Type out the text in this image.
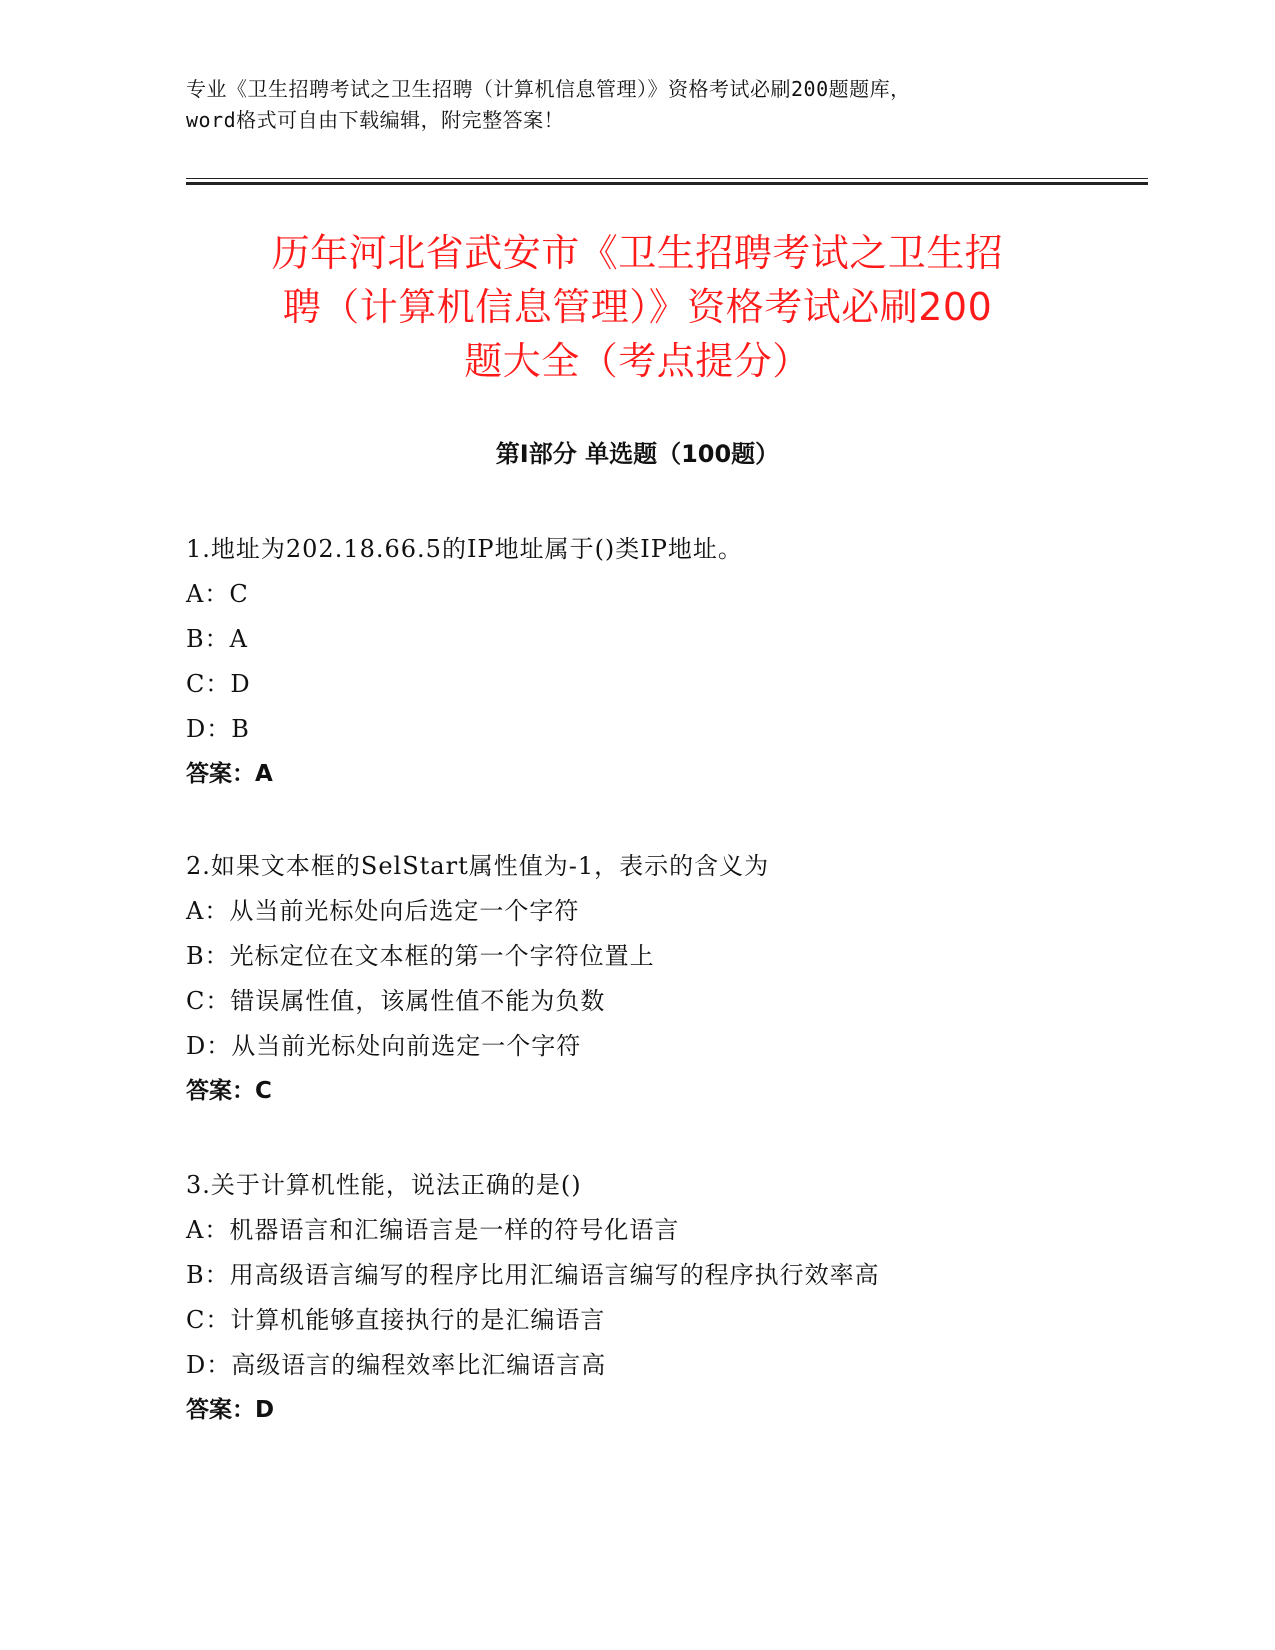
专业《卫生招聘考试之卫生招聘（计算机信息管理）》资格考试必刷200题题库，
word格式可自由下载编辑，附完整答案！
历年河北省武安市《卫生招聘考试之卫生招
聘（计算机信息管理）》资格考试必刷200
题大全（考点提分）
第I部分 单选题（100题）
1.地址为202.18.66.5的IP地址属于()类IP地址。
A：C
B：A
C：D
D：B
答案：A
2.如果文本框的SelStart属性值为-1，表示的含义为
A：从当前光标处向后选定一个字符
B：光标定位在文本框的第一个字符位置上
C：错误属性值，该属性值不能为负数
D：从当前光标处向前选定一个字符
答案：C
3.关于计算机性能，说法正确的是()
A：机器语言和汇编语言是一样的符号化语言
B：用高级语言编写的程序比用汇编语言编写的程序执行效率高
C：计算机能够直接执行的是汇编语言
D：高级语言的编程效率比汇编语言高
答案：D
